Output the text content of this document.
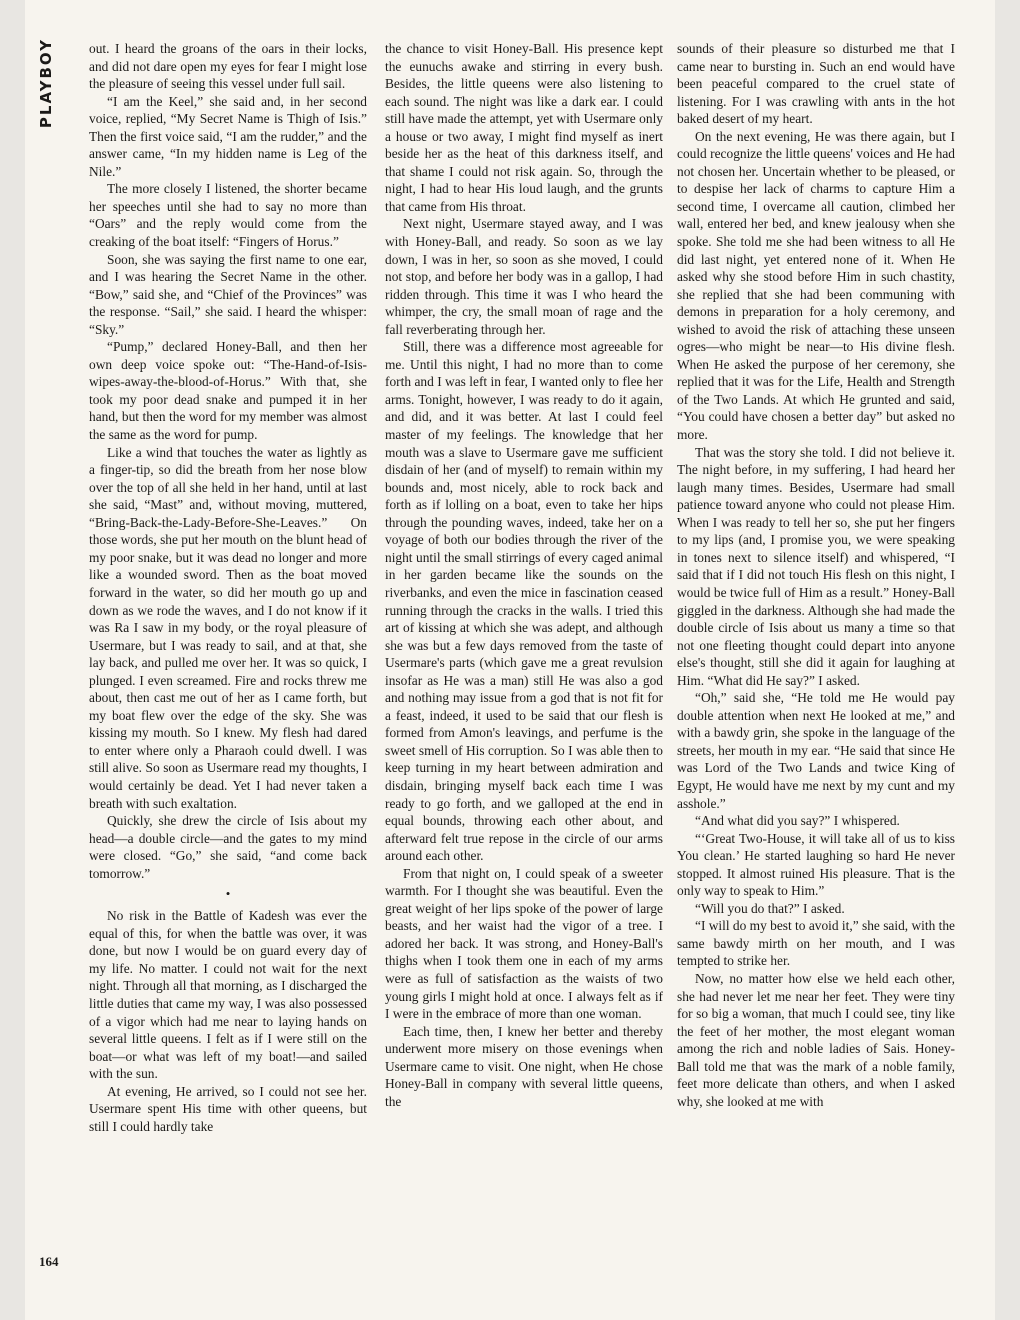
PLAYBOY	out. I heard the groans of the oars in their locks, and did not dare open my eyes for fear I might lose the pleasure of seeing this vessel under full sail.

“I am the Keel,” she said and, in her second voice, replied, “My Secret Name is Thigh of Isis.” Then the first voice said, “I am the rudder,” and the answer came, “In my hidden name is Leg of the Nile.”

The more closely I listened, the shorter became her speeches until she had to say no more than “Oars” and the reply would come from the creaking of the boat itself: “Fingers of Horus.”

Soon, she was saying the first name to one ear, and I was hearing the Secret Name in the other. “Bow,” said she, and “Chief of the Provinces” was the response. “Sail,” she said. I heard the whisper: “Sky.”

“Pump,” declared Honey-Ball, and then her own deep voice spoke out: “The-Hand-of-Isis-wipes-away-the-blood-of-Horus.” With that, she took my poor dead snake and pumped it in her hand, but then the word for my member was almost the same as the word for pump.

Like a wind that touches the water as lightly as a finger-tip, so did the breath from her nose blow over the top of all she held in her hand, until at last she said, “Mast” and, without moving, muttered, “Bring-Back-the-Lady-Before-She-Leaves.” On those words, she put her mouth on the blunt head of my poor snake, but it was dead no longer and more like a wounded sword. Then as the boat moved forward in the water, so did her mouth go up and down as we rode the waves, and I do not know if it was Ra I saw in my body, or the royal pleasure of Usermare, but I was ready to sail, and at that, she lay back, and pulled me over her. It was so quick, I plunged. I even screamed. Fire and rocks threw me about, then cast me out of her as I came forth, but my boat flew over the edge of the sky. She was kissing my mouth. So I knew. My flesh had dared to enter where only a Pharaoh could dwell. I was still alive. So soon as Usermare read my thoughts, I would certainly be dead. Yet I had never taken a breath with such exaltation.

Quickly, she drew the circle of Isis about my head—a double circle—and the gates to my mind were closed. “Go,” she said, “and come back tomorrow.”

•

No risk in the Battle of Kadesh was ever the equal of this, for when the battle was over, it was done, but now I would be on guard every day of my life. No matter. I could not wait for the next night. Through all that morning, as I discharged the little duties that came my way, I was also possessed of a vigor which had me near to laying hands on several little queens. I felt as if I were still on the boat—or what was left of my boat!—and sailed with the sun.

At evening, He arrived, so I could not see her. Usermare spent His time with other queens, but still I could hardly take

the chance to visit Honey-Ball. His presence kept the eunuchs awake and stirring in every bush. Besides, the little queens were also listening to each sound. The night was like a dark ear. I could still have made the attempt, yet with Usermare only a house or two away, I might find myself as inert beside her as the heat of this darkness itself, and that shame I could not risk again. So, through the night, I had to hear His loud laugh, and the grunts that came from His throat.

Next night, Usermare stayed away, and I was with Honey-Ball, and ready. So soon as we lay down, I was in her, so soon as she moved, I could not stop, and before her body was in a gallop, I had ridden through. This time it was I who heard the whimper, the cry, the small moan of rage and the fall reverberating through her.

Still, there was a difference most agreeable for me. Until this night, I had no more than to come forth and I was left in fear, I wanted only to flee her arms. Tonight, however, I was ready to do it again, and did, and it was better. At last I could feel master of my feelings. The knowledge that her mouth was a slave to Usermare gave me sufficient disdain of her (and of myself) to remain within my bounds and, most nicely, able to rock back and forth as if lolling on a boat, even to take her hips through the pounding waves, indeed, take her on a voyage of both our bodies through the river of the night until the small stirrings of every caged animal in her garden became like the sounds on the riverbanks, and even the mice in fascination ceased running through the cracks in the walls. I tried this art of kissing at which she was adept, and although she was but a few days removed from the taste of Usermare's parts (which gave me a great revulsion insofar as He was a man) still He was also a god and nothing may issue from a god that is not fit for a feast, indeed, it used to be said that our flesh is formed from Amon's leavings, and perfume is the sweet smell of His corruption. So I was able then to keep turning in my heart between admiration and disdain, bringing myself back each time I was ready to go forth, and we galloped at the end in equal bounds, throwing each other about, and afterward felt true repose in the circle of our arms around each other.

From that night on, I could speak of a sweeter warmth. For I thought she was beautiful. Even the great weight of her lips spoke of the power of large beasts, and her waist had the vigor of a tree. I adored her back. It was strong, and Honey-Ball's thighs when I took them one in each of my arms were as full of satisfaction as the waists of two young girls I might hold at once. I always felt as if I were in the embrace of more than one woman.

Each time, then, I knew her better and thereby underwent more misery on those evenings when Usermare came to visit. One night, when He chose Honey-Ball in company with several little queens, the

sounds of their pleasure so disturbed me that I came near to bursting in. Such an end would have been peaceful compared to the cruel state of listening. For I was crawling with ants in the hot baked desert of my heart.

On the next evening, He was there again, but I could recognize the little queens' voices and He had not chosen her. Uncertain whether to be pleased, or to despise her lack of charms to capture Him a second time, I overcame all caution, climbed her wall, entered her bed, and knew jealousy when she spoke. She told me she had been witness to all He did last night, yet entered none of it. When He asked why she stood before Him in such chastity, she replied that she had been communing with demons in preparation for a holy ceremony, and wished to avoid the risk of attaching these unseen ogres—who might be near—to His divine flesh. When He asked the purpose of her ceremony, she replied that it was for the Life, Health and Strength of the Two Lands. At which He grunted and said, “You could have chosen a better day” but asked no more.

That was the story she told. I did not believe it. The night before, in my suffering, I had heard her laugh many times. Besides, Usermare had small patience toward anyone who could not please Him. When I was ready to tell her so, she put her fingers to my lips (and, I promise you, we were speaking in tones next to silence itself) and whispered, “I said that if I did not touch His flesh on this night, I would be twice full of Him as a result.” Honey-Ball giggled in the darkness. Although she had made the double circle of Isis about us many a time so that not one fleeting thought could depart into anyone else's thought, still she did it again for laughing at Him. “What did He say?” I asked.

“Oh,” said she, “He told me He would pay double attention when next He looked at me,” and with a bawdy grin, she spoke in the language of the streets, her mouth in my ear. “He said that since He was Lord of the Two Lands and twice King of Egypt, He would have me next by my cunt and my asshole.”

“And what did you say?” I whispered.

“‘Great Two-House, it will take all of us to kiss You clean.’ He started laughing so hard He never stopped. It almost ruined His pleasure. That is the only way to speak to Him.”

“Will you do that?” I asked.

“I will do my best to avoid it,” she said, with the same bawdy mirth on her mouth, and I was tempted to strike her.

Now, no matter how else we held each other, she had never let me near her feet. They were tiny for so big a woman, that much I could see, tiny like the feet of her mother, the most elegant woman among the rich and noble ladies of Sais. Honey-Ball told me that was the mark of a noble family, feet more delicate than others, and when I asked why, she looked at me with

164
